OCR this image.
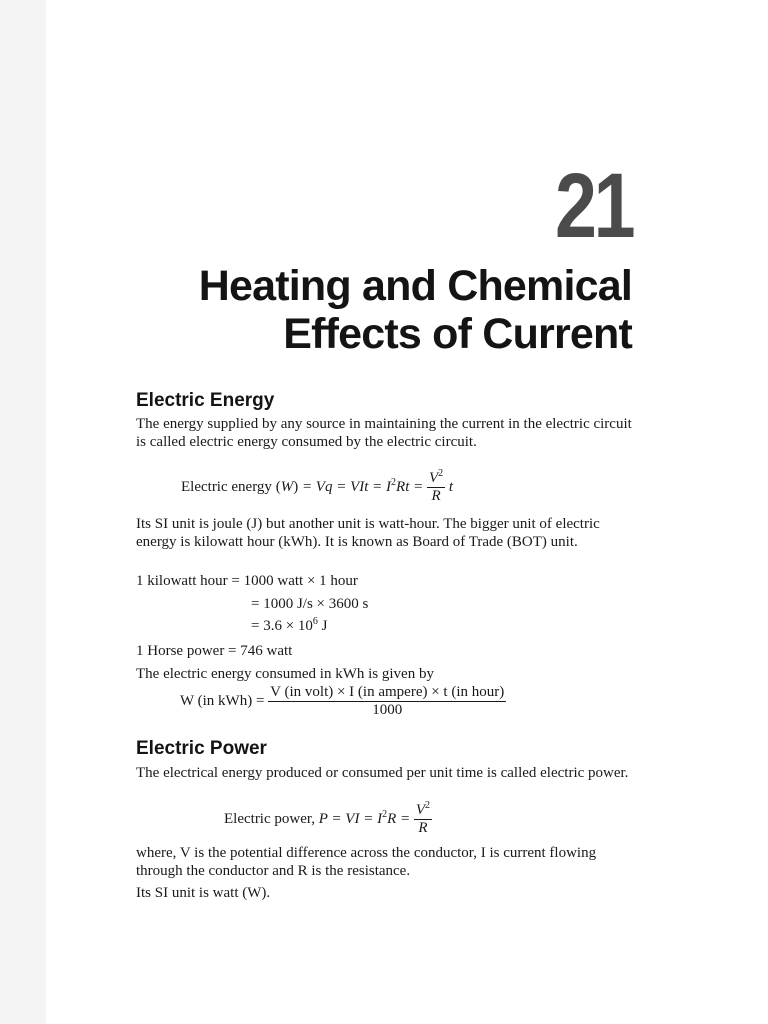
21
Heating and Chemical
Effects of Current
Electric Energy
The energy supplied by any source in maintaining the current in the electric circuit is called electric energy consumed by the electric circuit.
Electric energy (W) = Vq = VIt = $I^2Rt = \frac{V^2}{R}$ t
Its SI unit is joule (J) but another unit is watt-hour. The bigger unit of electric energy is kilowatt hour (kWh). It is known as Board of Trade (BOT) unit.
1 kilowatt hour = 1000 watt × 1 hour
= 1000 J/s × 3600 s
= $3.6 \times 10^6$ J
1 Horse power = 746 watt
The electric energy consumed in kWh is given by
W (in $kWh) = \frac{\text{V (in volt) × I (in ampere) × t (in hour)}}{1000}$
Electric Power
The electrical energy produced or consumed per unit time is called electric power.
Electric power, P = VI = $I^2R = \frac{V^2}{R}$
where, V is the potential difference across the conductor, I is current flowing through the conductor and R is the resistance.
Its SI unit is watt (W).
